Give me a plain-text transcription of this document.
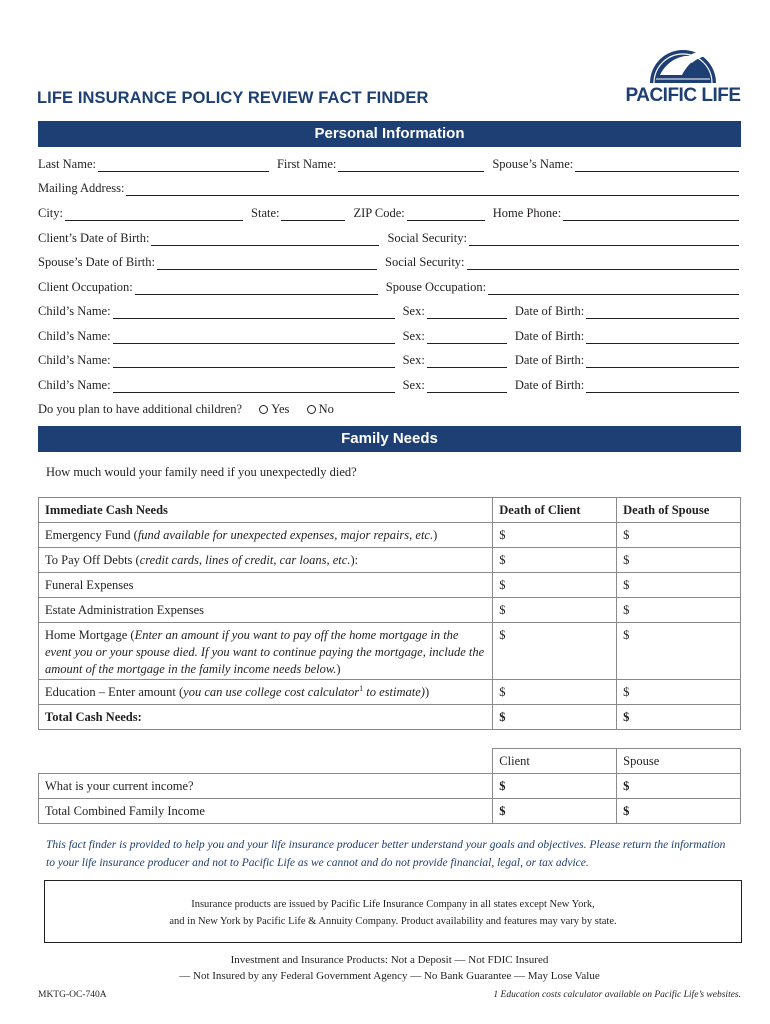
LIFE INSURANCE POLICY REVIEW FACT FINDER	PACIFIC LIFE
Personal Information
Last Name:	First Name:	Spouse’s Name:
Mailing Address:
City:	State:	ZIP Code:	Home Phone:
Client’s Date of Birth:	Social Security:
Spouse’s Date of Birth:	Social Security:
Client Occupation:	Spouse Occupation:
Child’s Name:	Sex:	Date of Birth:
Child’s Name:	Sex:	Date of Birth:
Child’s Name:	Sex:	Date of Birth:
Child’s Name:	Sex:	Date of Birth:
Do you plan to have additional children? Yes No
Family Needs
How much would your family need if you unexpectedly died?
Immediate Cash Needs	Death of Client	Death of Spouse
Emergency Fund (fund available for unexpected expenses, major repairs, etc.)	$	$
To Pay Off Debts (credit cards, lines of credit, car loans, etc.):	$	$
Funeral Expenses	$	$
Estate Administration Expenses	$	$
Home Mortgage (Enter an amount if you want to pay off the home mortgage in the event you or your spouse died. If you want to continue paying the mortgage, include the amount of the mortgage in the family income needs below.)	$	$
Education – Enter amount (you can use college cost calculator$^1$ to estimate))	$	$
Total Cash Needs:	$	$
	Client	Spouse
What is your current income?	$	$
Total Combined Family Income	$	$
This fact finder is provided to help you and your life insurance producer better understand your goals and objectives. Please return the information to your life insurance producer and not to Pacific Life as we cannot and do not provide financial, legal, or tax advice.
Insurance products are issued by Pacific Life Insurance Company in all states except New York,
and in New York by Pacific Life & Annuity Company. Product availability and features may vary by state.
Investment and Insurance Products: Not a Deposit — Not FDIC Insured
— Not Insured by any Federal Government Agency — No Bank Guarantee — May Lose Value
MKTG-OC-740A	1 Education costs calculator available on Pacific Life’s websites.
